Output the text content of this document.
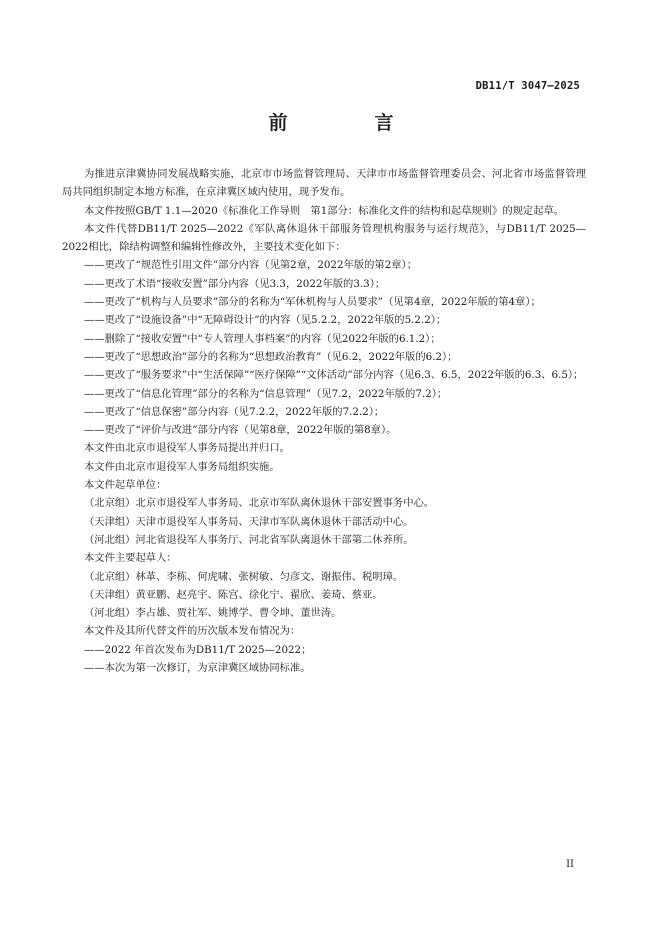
DB11/T 3047—2025
前　言

为推进京津冀协同发展战略实施，北京市市场监督管理局、天津市市场监督管理委员会、河北省市场监督管理局共同组织制定本地方标准，在京津冀区域内使用，现予发布。

本文件按照GB/T 1.1—2020《标准化工作导则　第1部分：标准化文件的结构和起草规则》的规定起草。

本文件代替DB11/T 2025—2022《军队离休退休干部服务管理机构服务与运行规范》，与DB11/T 2025—2022相比，除结构调整和编辑性修改外，主要技术变化如下：

——更改了“规范性引用文件”部分内容（见第2章，2022年版的第2章）；

——更改了术语“接收安置”部分内容（见3.3，2022年版的3.3）；

——更改了“机构与人员要求”部分的名称为“军休机构与人员要求”（见第4章，2022年版的第4章）；

——更改了“设施设备”中“无障碍设计”的内容（见5.2.2，2022年版的5.2.2）；

——删除了“接收安置”中“专人管理人事档案”的内容（见2022年版的6.1.2）；

——更改了“思想政治”部分的名称为“思想政治教育”（见6.2，2022年版的6.2）；

——更改了“服务要求”中“生活保障”“医疗保障”“文体活动”部分内容（见6.3、6.5，2022年版的6.3、6.5）；

——更改了“信息化管理”部分的名称为“信息管理”（见7.2，2022年版的7.2）；

——更改了“信息保密”部分内容（见7.2.2，2022年版的7.2.2）；

——更改了“评价与改进”部分内容（见第8章，2022年版的第8章）。

本文件由北京市退役军人事务局提出并归口。

本文件由北京市退役军人事务局组织实施。

本文件起草单位：

（北京组）北京市退役军人事务局、北京市军队离休退休干部安置事务中心。

（天津组）天津市退役军人事务局、天津市军队离休退休干部活动中心。

（河北组）河北省退役军人事务厅、河北省军队离退休干部第二休养所。

本文件主要起草人：

（北京组）林革、李栋、何虎啸、张树敏、匀彦文、谢振伟、税明璋。

（天津组）黄亚鹏、赵亮宇、陈宫、徐化宁、翟欣、姜琦、蔡亚。

（河北组）李占雄、贾社军、姚博学、曹令坤、董世涛。

本文件及其所代替文件的历次版本发布情况为：

——2022 年首次发布为DB11/T 2025—2022；

——本次为第一次修订，为京津冀区域协同标准。

II
